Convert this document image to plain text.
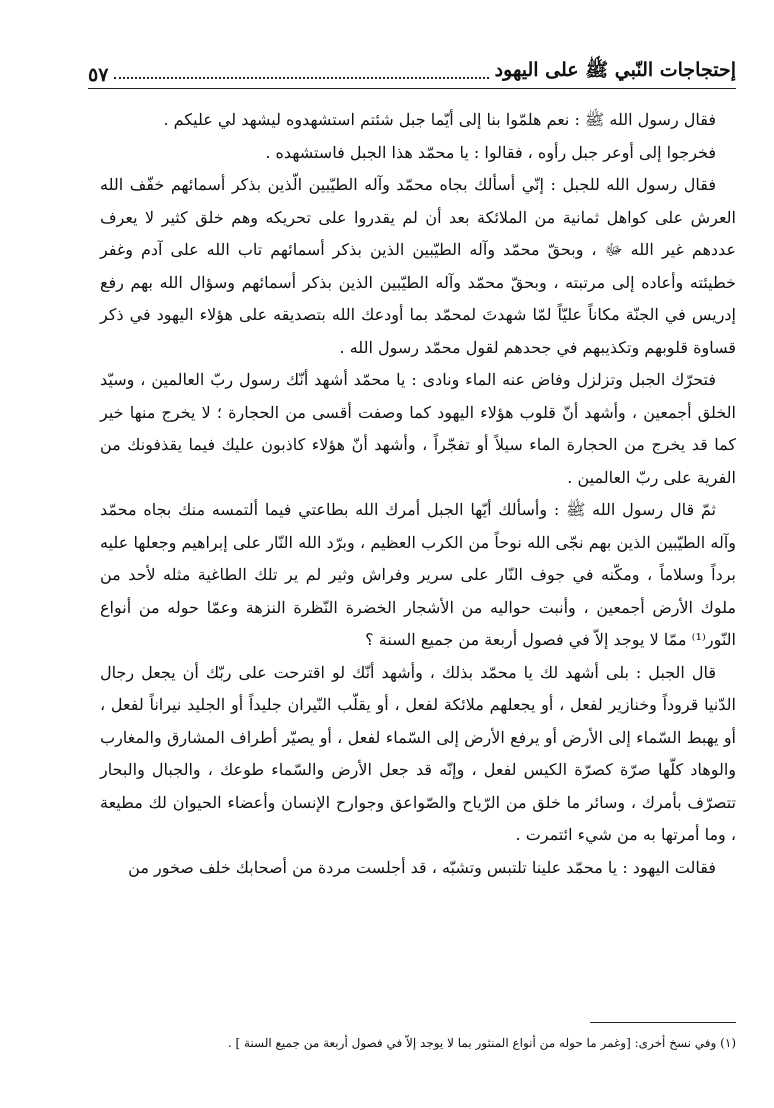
إحتجاجات النّبي ﷺ على اليهود
٥٧

فقال رسول الله ﷺ : نعم هلمّوا بنا إلى أيّما جبل شئتم استشهدوه ليشهد لي عليكم .

فخرجوا إلى أوعر جبل رأوه ، فقالوا : يا محمّد هذا الجبل فاستشهده .

فقال رسول الله للجبل : إنّي أسألك بجاه محمّد وآله الطيّبين الّذين بذكر أسمائهم خفّف الله العرش على كواهل ثمانية من الملائكة بعد أن لم يقدروا على تحريكه وهم خلق كثير لا يعرف عددهم غير الله ﷻ ، وبحقّ محمّد وآله الطيّبين الذين بذكر أسمائهم تاب الله على آدم وغفر خطيئته وأعاده إلى مرتبته ، وبحقّ محمّد وآله الطيّبين الذين بذكر أسمائهم وسؤال الله بهم رفع إدريس في الجنّة مكاناً عليّاً لمّا شهدتَ لمحمّد بما أودعك الله بتصديقه على هؤلاء اليهود في ذكر قساوة قلوبهم وتكذيبهم في جحدهم لقول محمّد رسول الله .

فتحرّك الجبل وتزلزل وفاض عنه الماء ونادى : يا محمّد أشهد أنّك رسول ربّ العالمين ، وسيّد الخلق أجمعين ، وأشهد أنّ قلوب هؤلاء اليهود كما وصفت أقسى من الحجارة ؛ لا يخرج منها خير كما قد يخرج من الحجارة الماء سيلاً أو تفجّراً ، وأشهد أنّ هؤلاء كاذبون عليك فيما يقذفونك من الفرية على ربّ العالمين .

ثمّ قال رسول الله ﷺ : وأسألك أيّها الجبل أمرك الله بطاعتي فيما ألتمسه منك بجاه محمّد وآله الطيّبين الذين بهم نجّى الله نوحاً من الكرب العظيم ، وبرّد الله النّار على إبراهيم وجعلها عليه برداً وسلاماً ، ومكّنه في جوف النّار على سرير وفراش وثير لم ير تلك الطاغية مثله لأحد من ملوك الأرض أجمعين ، وأنبت حواليه من الأشجار الخضرة النّظرة النزهة وعمّا حوله من أنواع النّور⁽¹⁾ ممّا لا يوجد إلاّ في فصول أربعة من جميع السنة ؟

قال الجبل : بلى أشهد لك يا محمّد بذلك ، وأشهد أنّك لو اقترحت على ربّك أن يجعل رجال الدّنيا قروداً وخنازير لفعل ، أو يجعلهم ملائكة لفعل ، أو يقلّب النّيران جليداً أو الجليد نيراناً لفعل ، أو يهبط السّماء إلى الأرض أو يرفع الأرض إلى السّماء لفعل ، أو يصيّر أطراف المشارق والمغارب والوهاد كلّها صرّة كصرّة الكيس لفعل ، وإنّه قد جعل الأرض والسّماء طوعك ، والجبال والبحار تتصرّف بأمرك ، وسائر ما خلق من الرّياح والصّواعق وجوارح الإنسان وأعضاء الحيوان لك مطيعة ، وما أمرتها به من شيء ائتمرت .

فقالت اليهود : يا محمّد علينا تلتبس وتشبّه ، قد أجلست مردة من أصحابك خلف صخور من

(١) وفي نسخ أخرى: [وغمر ما حوله من أنواع المنثور بما لا يوجد إلاّ في فصول أربعة من جميع السنة ] .
